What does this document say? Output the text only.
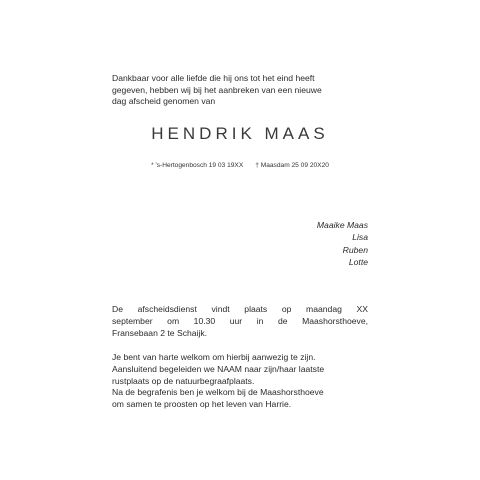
Dankbaar voor alle liefde die hij ons tot het eind heeft
gegeven, hebben wij bij het aanbreken van een nieuwe
dag afscheid genomen van
HENDRIK MAAS
* 's-Hertogenbosch 19 03 19XX † Maasdam 25 09 20X20
Maaike Maas
Lisa
Ruben
Lotte
De afscheidsdienst vindt plaats op maandag XX
september om 10.30 uur in de Maashorsthoeve,
Fransebaan 2 te Schaijk.
Je bent van harte welkom om hierbij aanwezig te zijn.
Aansluitend begeleiden we NAAM naar zijn/haar laatste
rustplaats op de natuurbegraafplaats.
Na de begrafenis ben je welkom bij de Maashorsthoeve
om samen te proosten op het leven van Harrie.
